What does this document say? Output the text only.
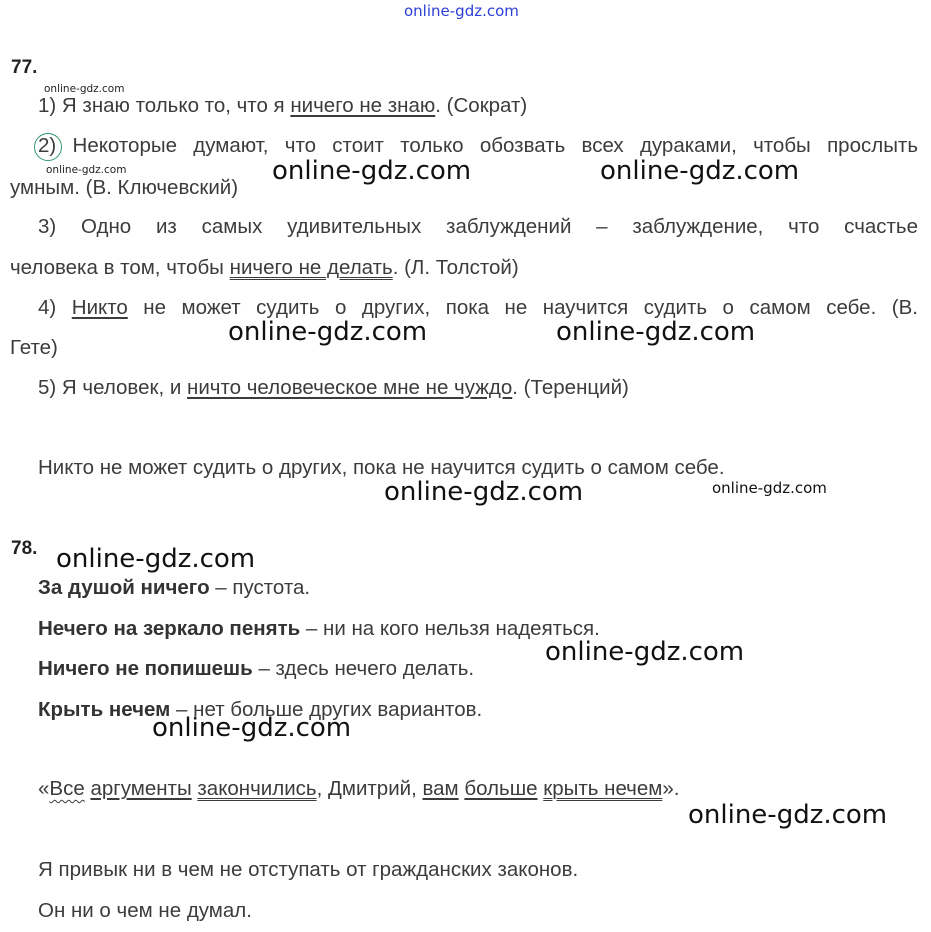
online-gdz.com
77.
online-gdz.com
1) Я знаю только то, что я ничего не знаю. (Сократ)
2) Некоторые думают, что стоит только обозвать всех дураками, чтобы прослыть
online-gdz.com
умным. (В. Ключевский)
online-gdz.com	online-gdz.com
3) Одно из самых удивительных заблуждений – заблуждение, что счастье
человека в том, чтобы ничего не делать. (Л. Толстой)
4) Никто не может судить о других, пока не научится судить о самом себе. (В.
Гете)
online-gdz.com	online-gdz.com
5) Я человек, и ничто человеческое мне не чуждо. (Теренций)
Никто не может судить о других, пока не научится судить о самом себе.
online-gdz.com	online-gdz.com
78. online-gdz.com
За душой ничего – пустота.
Нечего на зеркало пенять – ни на кого нельзя надеяться.
Ничего не попишешь – здесь нечего делать.
online-gdz.com
Крыть нечем – нет больше других вариантов.
online-gdz.com
«Все аргументы закончились, Дмитрий, вам больше крыть нечем».
online-gdz.com
Я привык ни в чем не отступать от гражданских законов.
Он ни о чем не думал.
